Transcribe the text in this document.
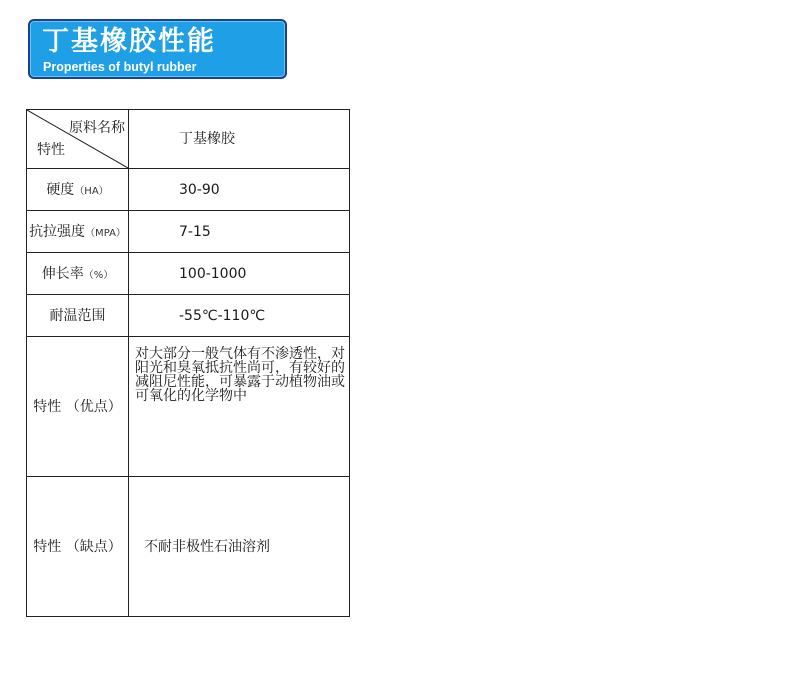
丁基橡胶性能
Properties of butyl rubber
原料名称
特性	丁基橡胶
硬度（HA）	30-90
抗拉强度（MPA）	7-15
伸长率（%）	100-1000
耐温范围	-55℃-110℃
特性 （优点）	对大部分一般气体有不渗透性，对阳光和臭氧抵抗性尚可，有较好的减阻尼性能，可暴露于动植物油或可氧化的化学物中
特性 （缺点）	不耐非极性石油溶剂
